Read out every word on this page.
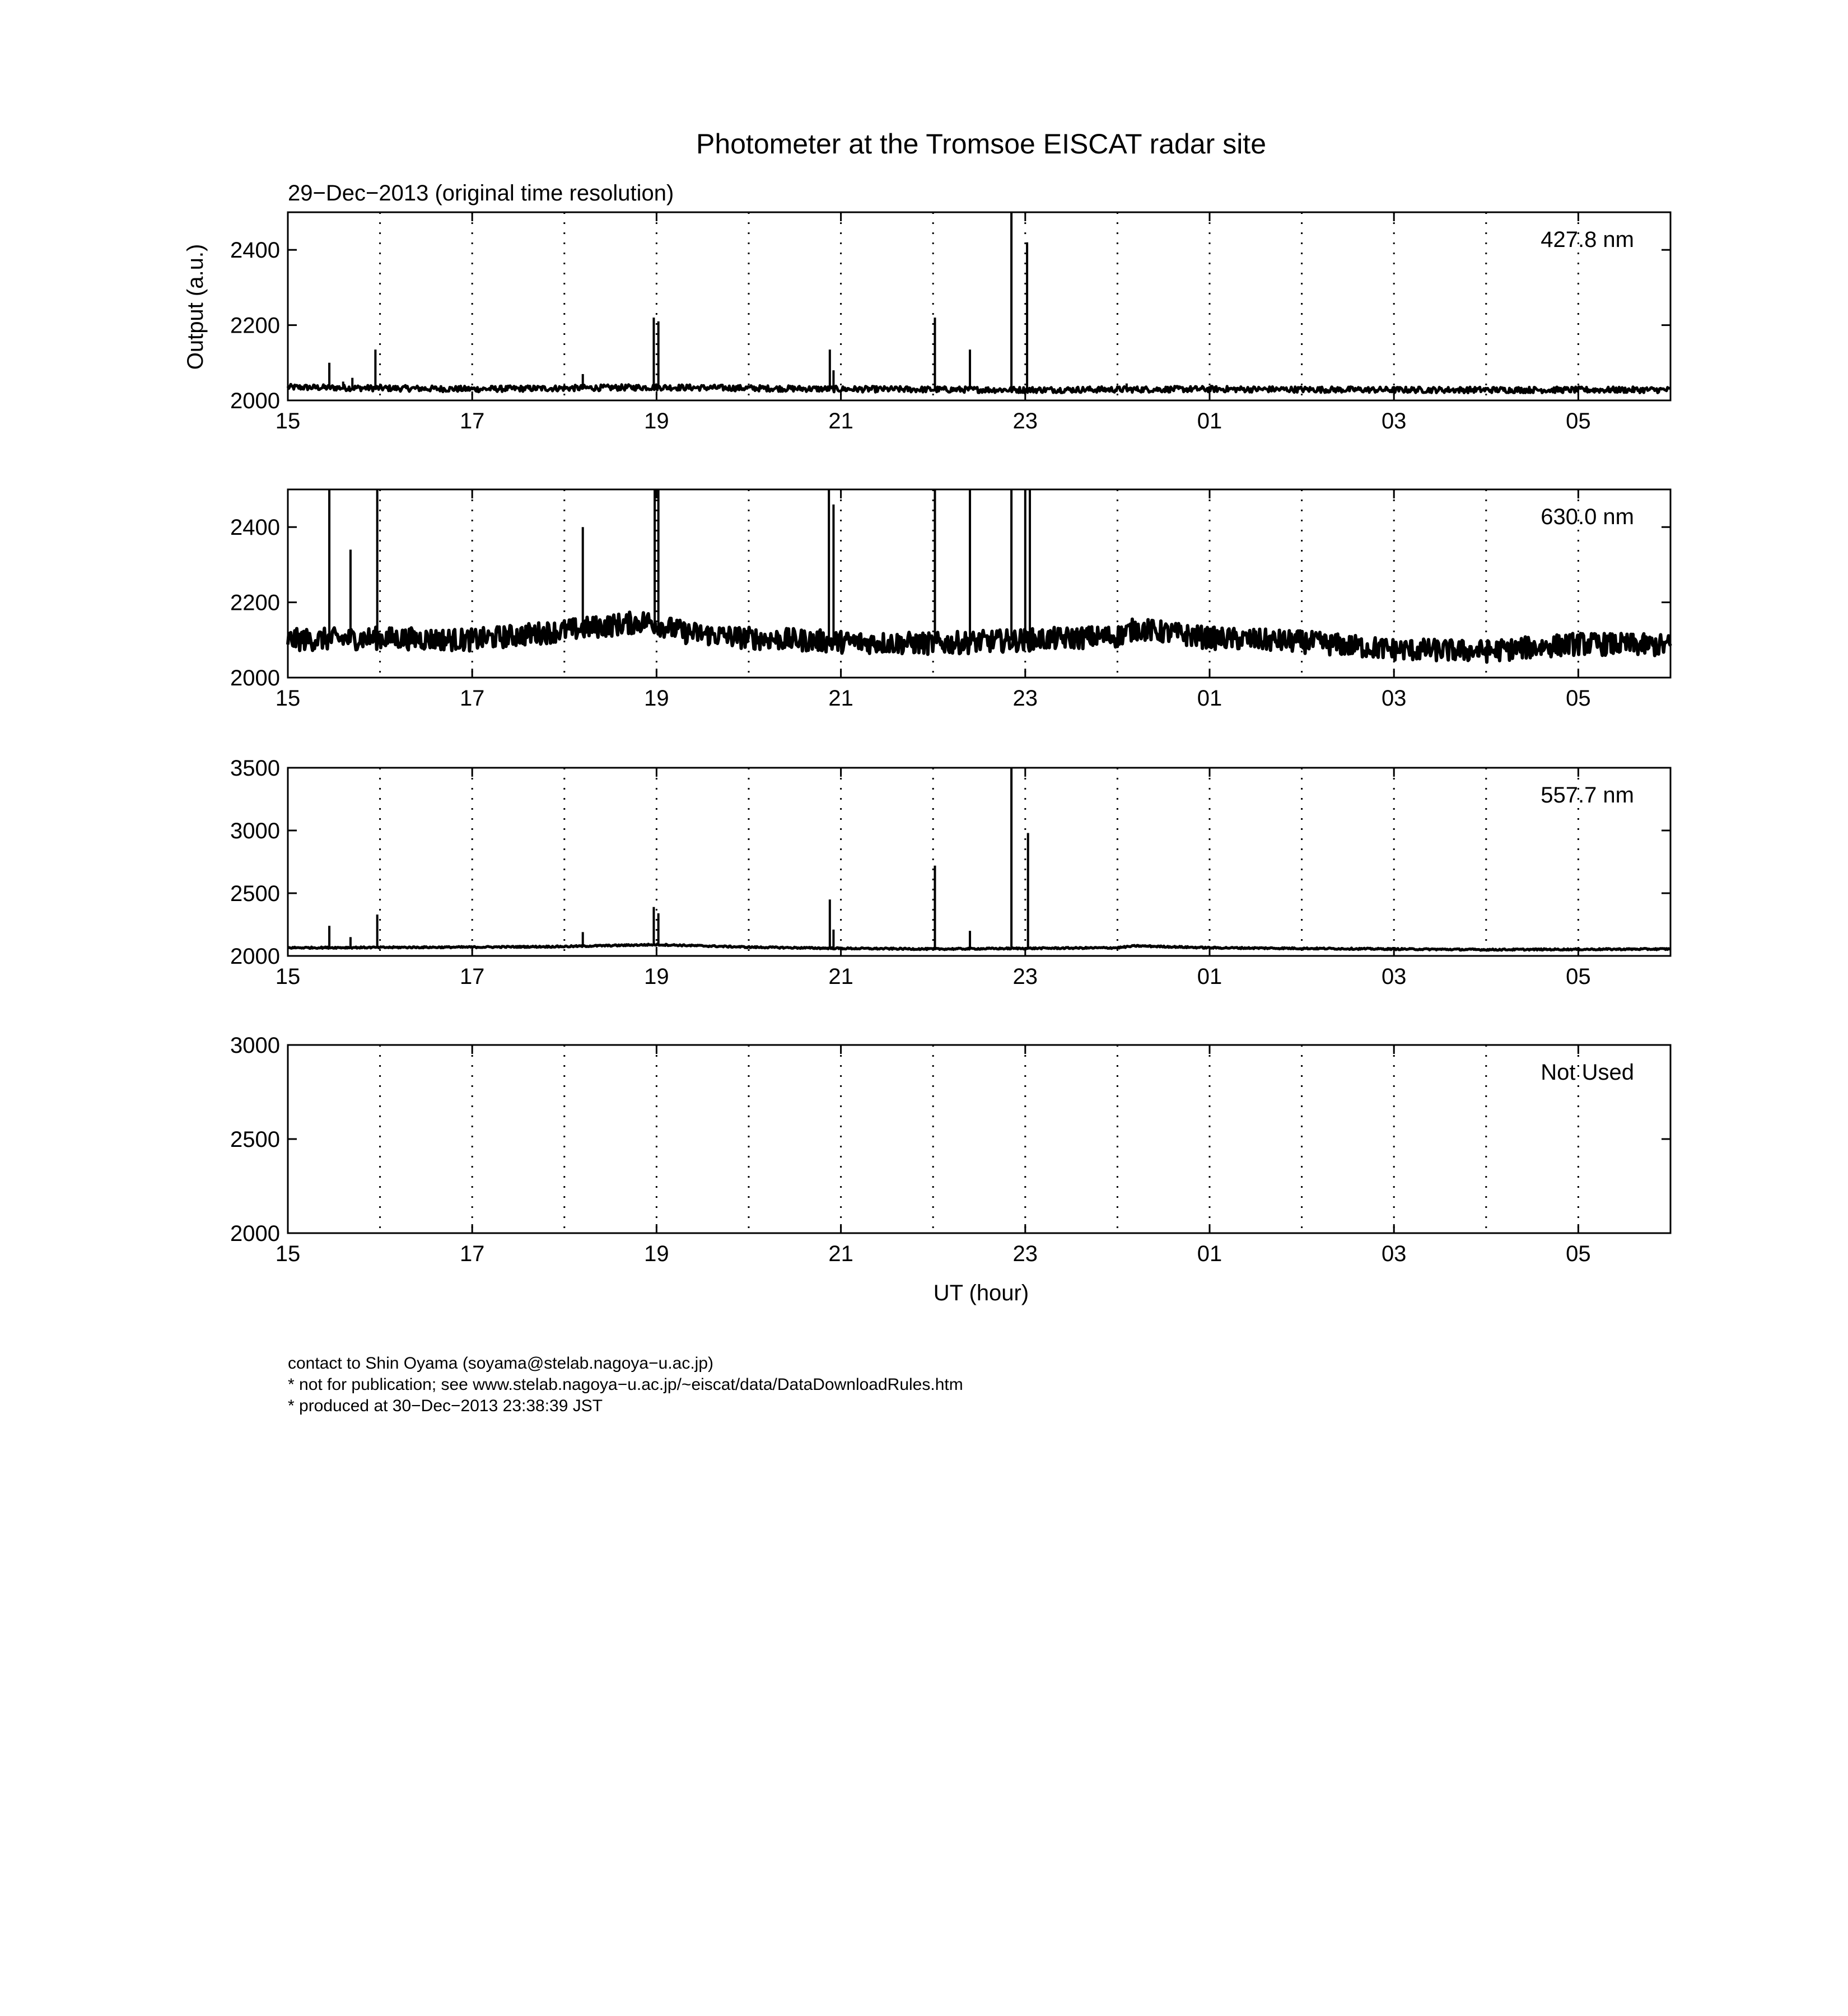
Photometer at the Tromsoe EISCAT radar site
29−Dec−2013 (original time resolution)
Output (a.u.)
UT (hour)
15	17	19	21	23	01	03	05
2000
2200
2400	427.8 nm
15	17	19	21	23	01	03	05
2000
2200
2400	630.0 nm
15	17	19	21	23	01	03	05
2000
2500
3000
3500
557.7 nm
15	17	19	21	23	01	03	05
2000
2500
3000
Not Used
contact to Shin Oyama (soyama@stelab.nagoya−u.ac.jp)
* not for publication; see www.stelab.nagoya−u.ac.jp/~eiscat/data/DataDownloadRules.htm
* produced at 30−Dec−2013 23:38:39 JST
